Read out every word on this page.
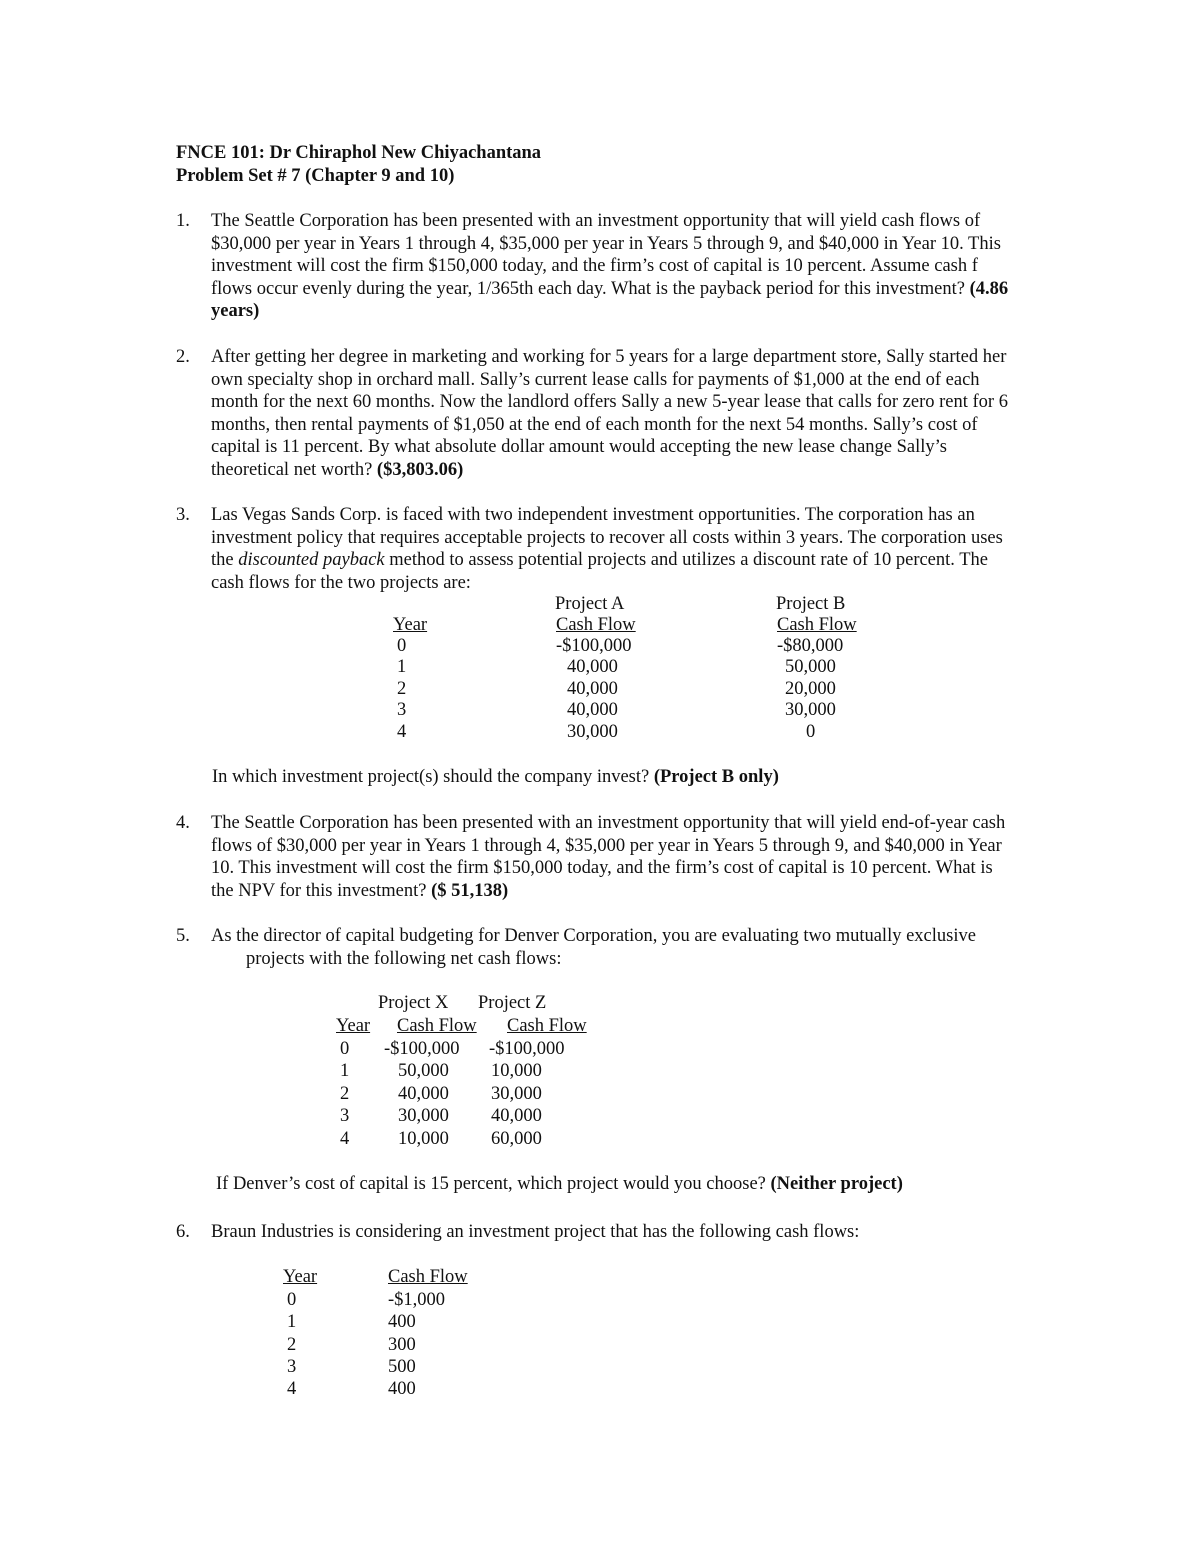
FNCE 101: Dr Chiraphol New Chiyachantana
Problem Set # 7 (Chapter 9 and 10)
1. The Seattle Corporation has been presented with an investment opportunity that will yield cash flows of
$30,000 per year in Years 1 through 4, $35,000 per year in Years 5 through 9, and $40,000 in Year 10. This
investment will cost the firm $150,000 today, and the firm’s cost of capital is 10 percent. Assume cash f
flows occur evenly during the year, 1/365th each day. What is the payback period for this investment? (4.86
years)
2. After getting her degree in marketing and working for 5 years for a large department store, Sally started her
own specialty shop in orchard mall. Sally’s current lease calls for payments of $1,000 at the end of each
month for the next 60 months. Now the landlord offers Sally a new 5-year lease that calls for zero rent for 6
months, then rental payments of $1,050 at the end of each month for the next 54 months. Sally’s cost of
capital is 11 percent. By what absolute dollar amount would accepting the new lease change Sally’s
theoretical net worth? ($3,803.06)
3. Las Vegas Sands Corp. is faced with two independent investment opportunities. The corporation has an
investment policy that requires acceptable projects to recover all costs within 3 years. The corporation uses
the discounted payback method to assess potential projects and utilizes a discount rate of 10 percent. The
cash flows for the two projects are:
Project A	Project B
Year	Cash Flow	Cash Flow
0	-$100,000	-$80,000
1	40,000	50,000
2	40,000	20,000
3	40,000	30,000
4	30,000	0
In which investment project(s) should the company invest? (Project B only)
4. The Seattle Corporation has been presented with an investment opportunity that will yield end-of-year cash
flows of $30,000 per year in Years 1 through 4, $35,000 per year in Years 5 through 9, and $40,000 in Year
10. This investment will cost the firm $150,000 today, and the firm’s cost of capital is 10 percent. What is
the NPV for this investment? ($ 51,138)
5. As the director of capital budgeting for Denver Corporation, you are evaluating two mutually exclusive
projects with the following net cash flows:
Project X Project Z
Year Cash Flow Cash Flow
0 -$100,000 -$100,000
1	50,000 10,000
2	40,000 30,000
3	30,000 40,000
4	10,000 60,000
If Denver’s cost of capital is 15 percent, which project would you choose? (Neither project)
6. Braun Industries is considering an investment project that has the following cash flows:
Year	Cash Flow
0	-$1,000
1	400
2	300
3	500
4	400
